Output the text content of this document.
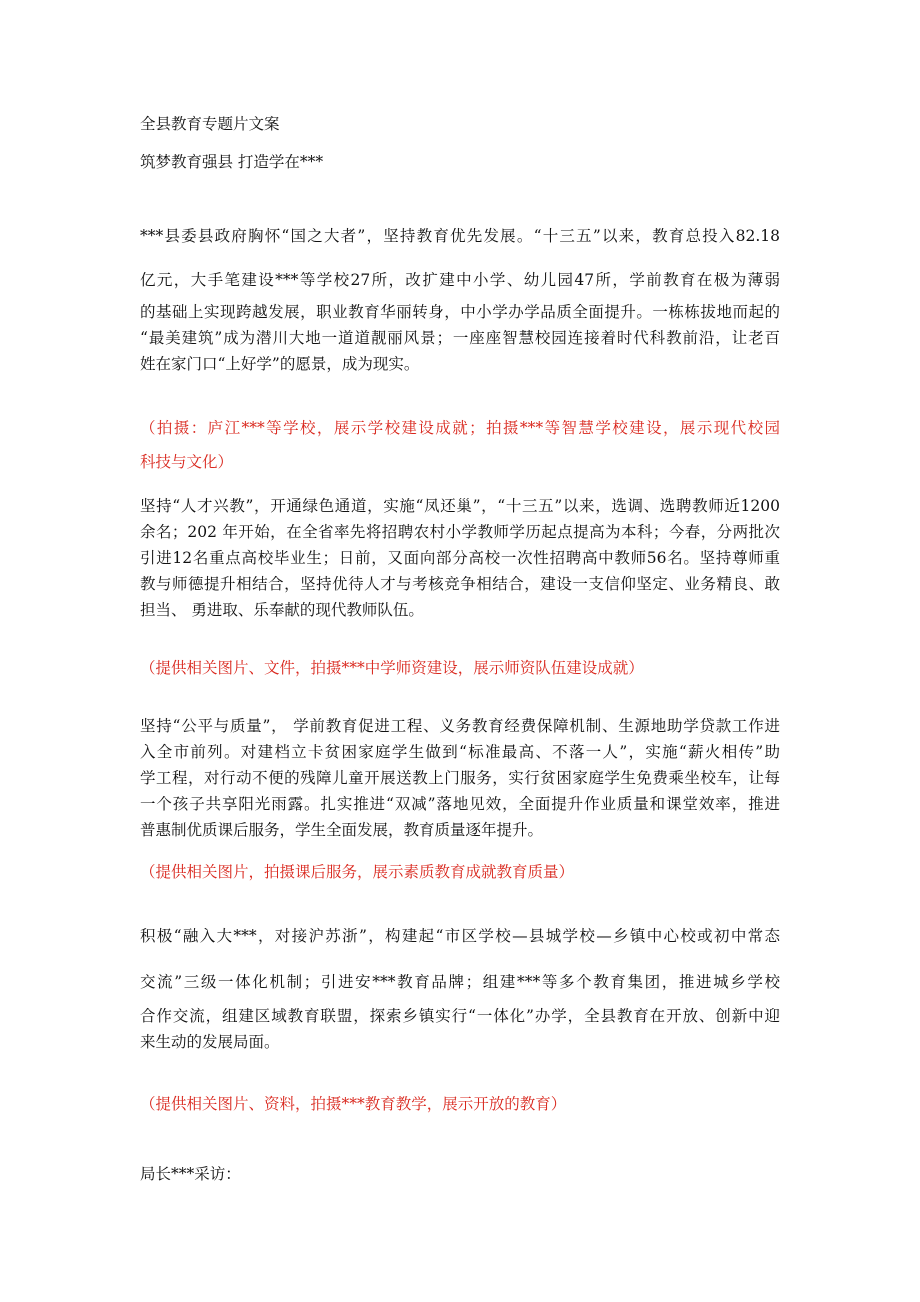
全县教育专题片文案
筑梦教育强县 打造学在***
***县委县政府胸怀“国之大者”，坚持教育优先发展。“十三五”以来，教育总投入82.18
亿元，大手笔建设***等学校27所，改扩建中小学、幼儿园47所，学前教育在极为薄弱
的基础上实现跨越发展，职业教育华丽转身，中小学办学品质全面提升。一栋栋拔地而起的
“最美建筑”成为潜川大地一道道靓丽风景；一座座智慧校园连接着时代科教前沿，让老百
姓在家门口“上好学”的愿景，成为现实。
（拍摄：庐江***等学校，展示学校建设成就；拍摄***等智慧学校建设，展示现代校园
科技与文化）
坚持“人才兴教”，开通绿色通道，实施“凤还巢”，“十三五”以来，选调、选聘教师近1200
余名；202 年开始，在全省率先将招聘农村小学教师学历起点提高为本科；今春，分两批次
引进12名重点高校毕业生；日前，又面向部分高校一次性招聘高中教师56名。坚持尊师重
教与师德提升相结合，坚持优待人才与考核竞争相结合，建设一支信仰坚定、业务精良、敢
担当、 勇进取、乐奉献的现代教师队伍。
（提供相关图片、文件，拍摄***中学师资建设，展示师资队伍建设成就）
坚持“公平与质量”， 学前教育促进工程、义务教育经费保障机制、生源地助学贷款工作进
入全市前列。对建档立卡贫困家庭学生做到“标准最高、不落一人”，实施“薪火相传”助
学工程，对行动不便的残障儿童开展送教上门服务，实行贫困家庭学生免费乘坐校车，让每
一个孩子共享阳光雨露。扎实推进“双减”落地见效，全面提升作业质量和课堂效率，推进
普惠制优质课后服务，学生全面发展，教育质量逐年提升。
（提供相关图片，拍摄课后服务，展示素质教育成就教育质量）
积极“融入大***，对接沪苏浙”，构建起“市区学校—县城学校—乡镇中心校或初中常态
交流”三级一体化机制；引进安***教育品牌；组建***等多个教育集团，推进城乡学校
合作交流，组建区域教育联盟，探索乡镇实行“一体化”办学，全县教育在开放、创新中迎
来生动的发展局面。
（提供相关图片、资料，拍摄***教育教学，展示开放的教育）
局长***采访：
